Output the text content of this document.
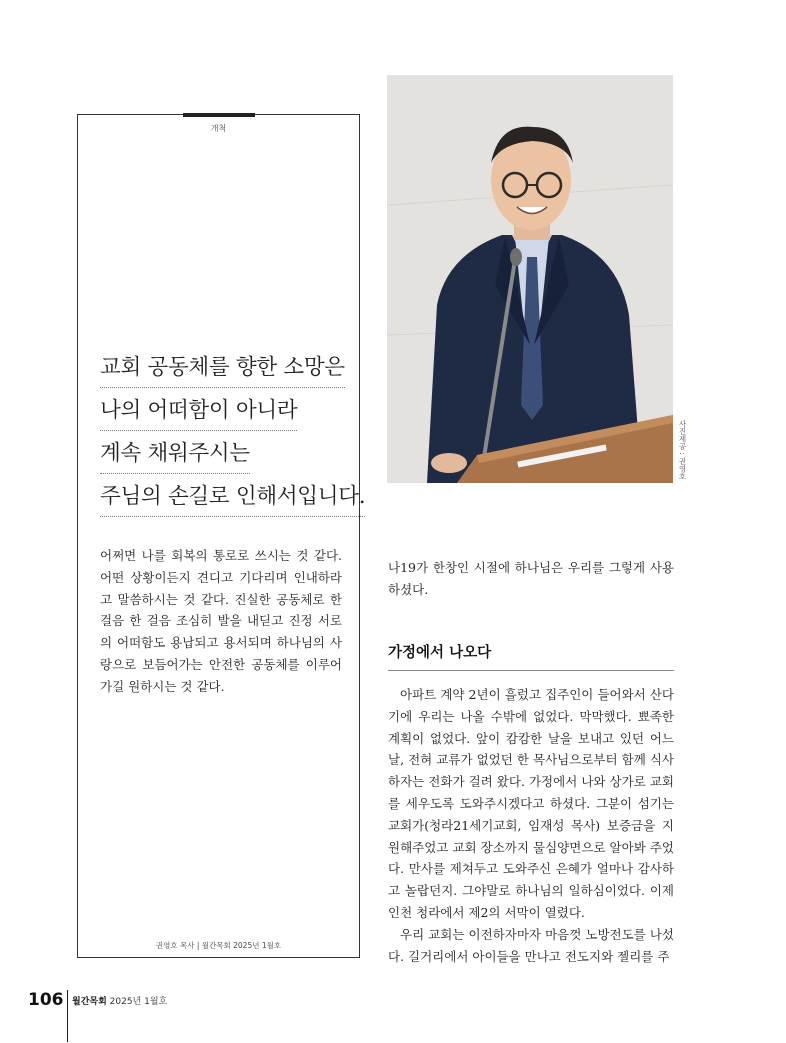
개척
교회 공동체를 향한 소망은
나의 어떠함이 아니라
계속 채워주시는
주님의 손길로 인해서입니다.
어쩌면 나를 회복의 통로로 쓰시는 것 같다. 어떤 상황이든지 견디고 기다리며 인내하라고 말씀하시는 것 같다. 진실한 공동체로 한 걸음 한 걸음 조심히 발을 내딛고 진정 서로의 어떠함도 용납되고 용서되며 하나님의 사랑으로 보듬어가는 안전한 공동체를 이루어 가길 원하시는 것 같다.
권영호 목사 | 월간목회 2025년 1월호
사진제공 : 권영호

나19가 한창인 시절에 하나님은 우리를 그렇게 사용하셨다.

가정에서 나오다

아파트 계약 2년이 흘렀고 집주인이 들어와서 산다기에 우리는 나올 수밖에 없었다. 막막했다. 뾰족한 계획이 없었다. 앞이 캄캄한 날을 보내고 있던 어느 날, 전혀 교류가 없었던 한 목사님으로부터 함께 식사하자는 전화가 걸려 왔다. 가정에서 나와 상가로 교회를 세우도록 도와주시겠다고 하셨다. 그분이 섬기는 교회가(청라21세기교회, 임재성 목사) 보증금을 지원해주었고 교회 장소까지 물심양면으로 알아봐 주었다. 만사를 제쳐두고 도와주신 은혜가 얼마나 감사하고 놀랍던지. 그야말로 하나님의 일하심이었다. 이제 인천 청라에서 제2의 서막이 열렸다.

우리 교회는 이전하자마자 마음껏 노방전도를 나섰다. 길거리에서 아이들을 만나고 전도지와 젤리를 주

106 월간목회 2025년 1월호
